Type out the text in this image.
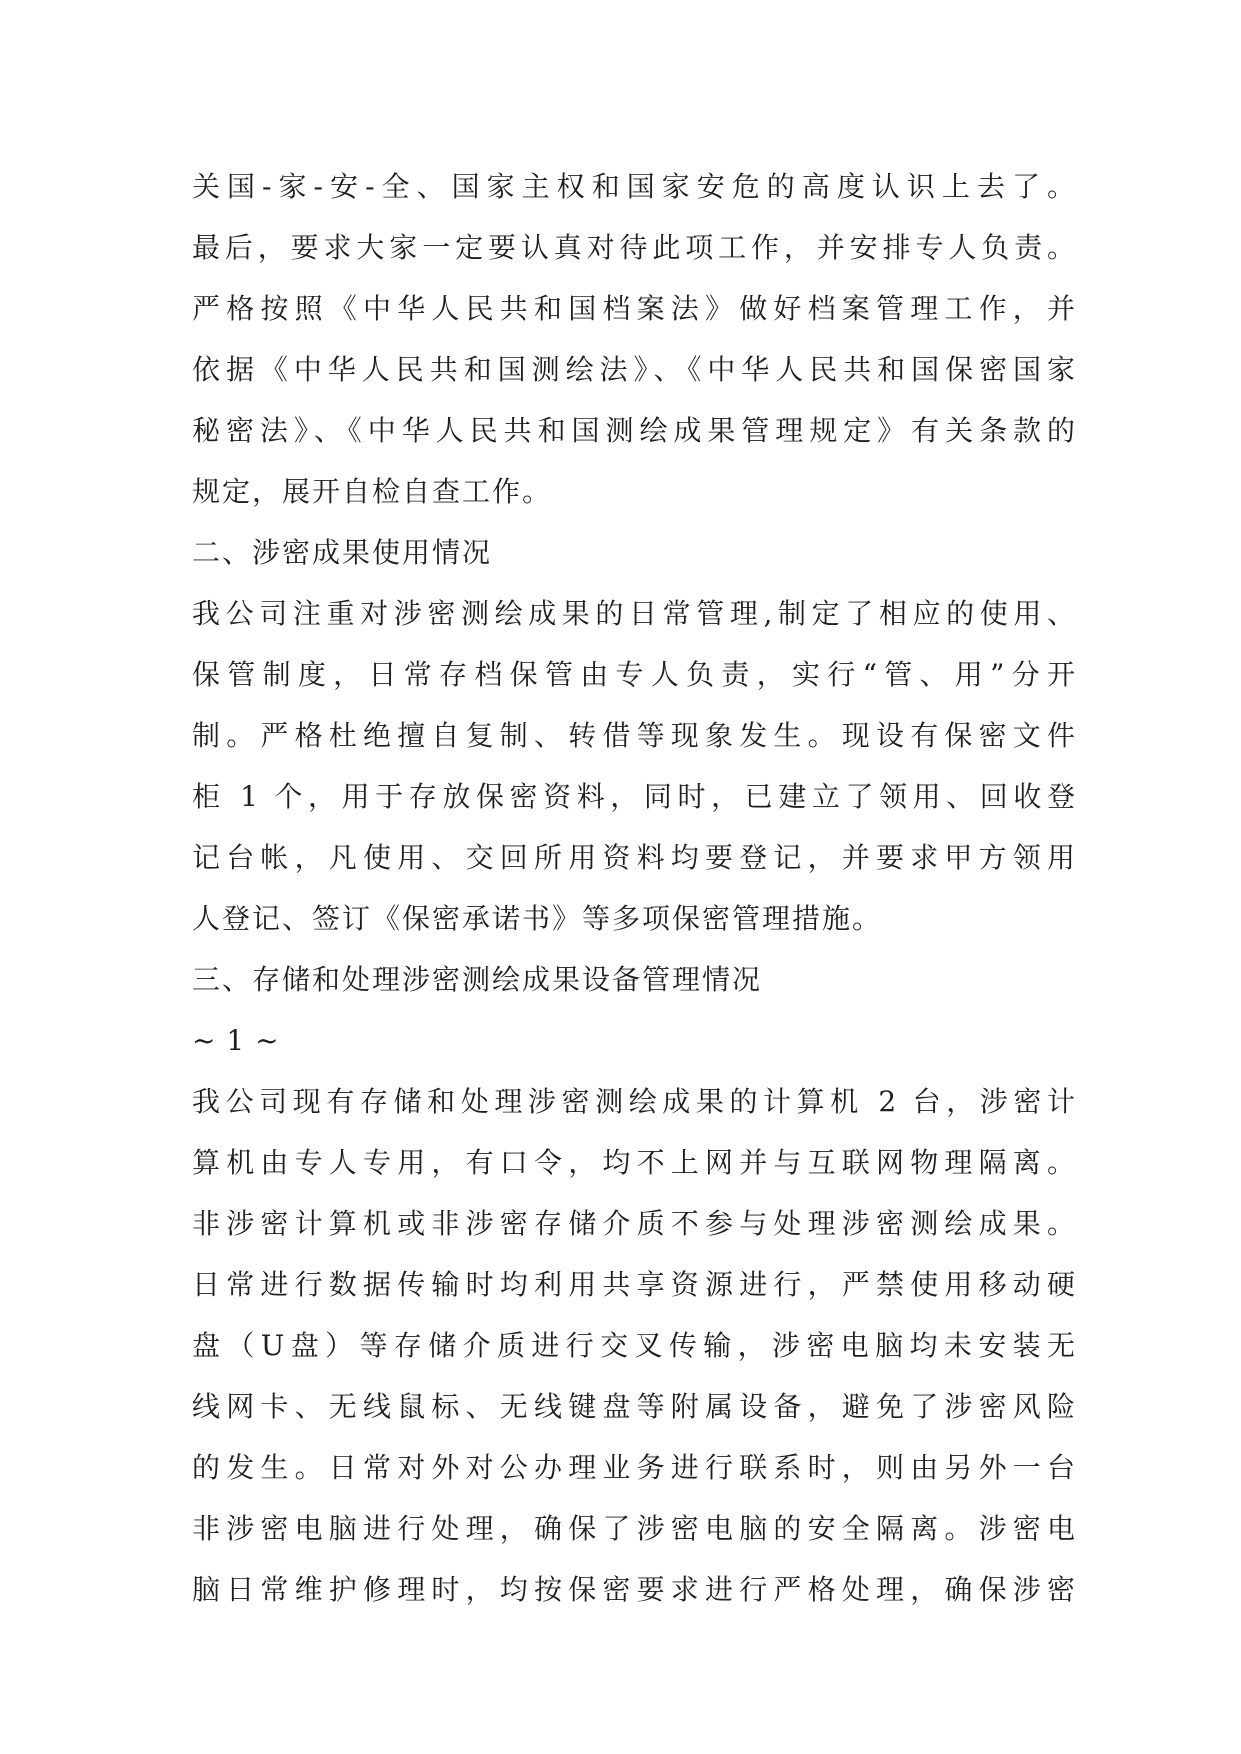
关国-家-安-全、国家主权和国家安危的高度认识上去了。
最后，要求大家一定要认真对待此项工作，并安排专人负责。
严格按照《中华人民共和国档案法》做好档案管理工作，并
依据《中华人民共和国测绘法》、《中华人民共和国保密国家
秘密法》、《中华人民共和国测绘成果管理规定》有关条款的
规定，展开自检自查工作。
二、涉密成果使用情况
我公司注重对涉密测绘成果的日常管理,制定了相应的使用、
保管制度，日常存档保管由专人负责，实行“管、用”分开
制。严格杜绝擅自复制、转借等现象发生。现设有保密文件
柜 1 个，用于存放保密资料，同时，已建立了领用、回收登
记台帐，凡使用、交回所用资料均要登记，并要求甲方领用
人登记、签订《保密承诺书》等多项保密管理措施。
三、存储和处理涉密测绘成果设备管理情况
~ 1 ~
我公司现有存储和处理涉密测绘成果的计算机 2 台，涉密计
算机由专人专用，有口令，均不上网并与互联网物理隔离。
非涉密计算机或非涉密存储介质不参与处理涉密测绘成果。
日常进行数据传输时均利用共享资源进行，严禁使用移动硬
盘（U盘）等存储介质进行交叉传输，涉密电脑均未安装无
线网卡、无线鼠标、无线键盘等附属设备，避免了涉密风险
的发生。日常对外对公办理业务进行联系时，则由另外一台
非涉密电脑进行处理，确保了涉密电脑的安全隔离。涉密电
脑日常维护修理时，均按保密要求进行严格处理，确保涉密
